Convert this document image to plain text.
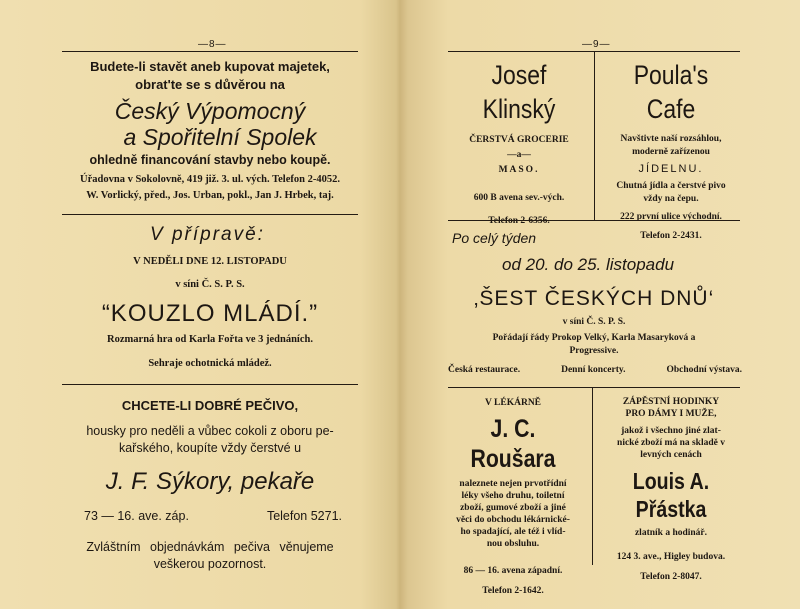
—8—
Budete-li stavět aneb kupovat majetek,
obrat'te se s důvěrou na
Český Výpomocný
a Spořitelní Spolek
ohledně financování stavby nebo koupě.
Úřadovna v Sokolovně, 419 již. 3. ul. vých. Telefon 2-4052.
W. Vorlický, před., Jos. Urban, pokl., Jan J. Hrbek, taj.
V přípravě:
V NEDĚLI DNE 12. LISTOPADU
v síni Č. S. P. S.
“KOUZLO MLÁDÍ.”
Rozmarná hra od Karla Fořta ve 3 jednáních.
Sehraje ochotnická mládež.
CHCETE-LI DOBRÉ PEČIVO,
housky pro neděli a vůbec cokoli z oboru pe-
kařského, koupíte vždy čerstvé u
J. F. Sýkory, pekaře
73 — 16. ave. záp.	Telefon 5271.
Zvláštním objednávkám pečiva věnujeme
veškerou pozornost.
—9—
Josef Klinský
ČERSTVÁ GROCERIE
—a—
MASO.
600 B avena sev.-vých.
Telefon 2-6356.
Poula's Cafe
Navštivte naší rozsáhlou,
moderně zařízenou
JÍDELNU.
Chutná jídla a čerstvé pivo
vždy na čepu.
222 první ulice východní.
Telefon 2-2431.
Po celý týden
od 20. do 25. listopadu
‚ŠEST ČESKÝCH DNŮ‘
v síni Č. S. P. S.
Pořádají řády Prokop Velký, Karla Masaryková a
Progressive.
Česká restaurace.	Denní koncerty.	Obchodní výstava.
V LÉKÁRNĚ
J. C. Roušara
naleznete nejen prvotřídní
léky všeho druhu, toiletní
zboží, gumové zboží a jiné
věci do obchodu lékárnické-
ho spadající, ale též i vlíd-
nou obsluhu.
86 — 16. avena západní.
Telefon 2-1642.
ZÁPĚSTNÍ HODINKY
PRO DÁMY I MUŽE,
jakož i všechno jiné zlat-
nické zboží má na skladě v
levných cenách
Louis A. Přástka
zlatník a hodinář.
124 3. ave., Higley budova.
Telefon 2-8047.
